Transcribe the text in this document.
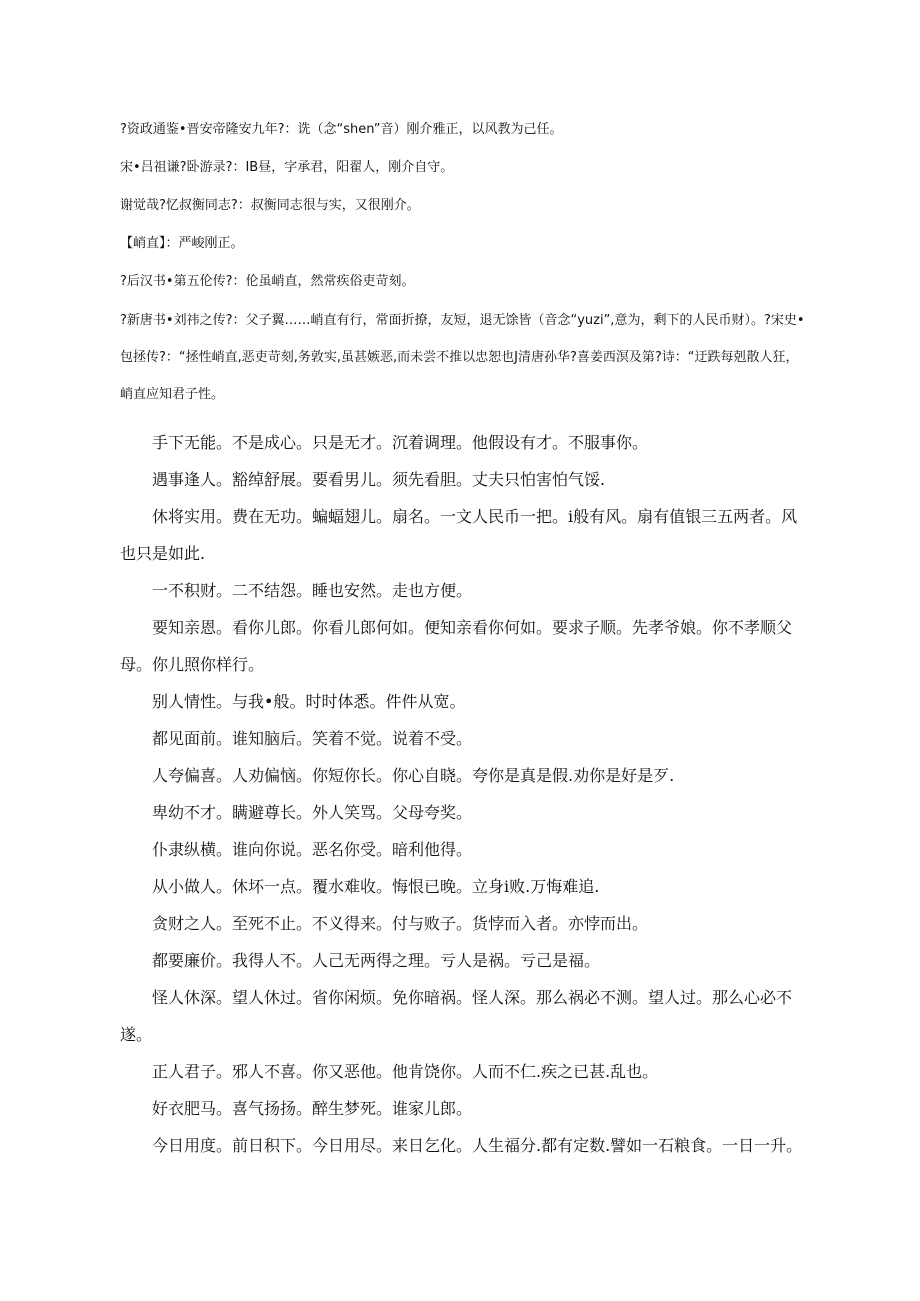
?资政通鉴•晋安帝隆安九年?：诜（念“shen”音）刚介雅正，以风教为己任。

宋•吕祖谦?卧游录?：IB昼，字承君，阳翟人，刚介自守。

谢觉哉?忆叔衡同志?：叔衡同志很与实，又很刚介。

【峭直】：严峻刚正。

?后汉书•第五伦传?：伦虽峭直，然常疾俗吏苛刻。

?新唐书•刘祎之传?：父子翼……峭直有行，常面折撩，友短，退无馀皆（音念“yuzi”,意为，剩下的人民币财）。?宋史•包拯传?：“拯性峭直,恶吏苛刻,务敦实,虽甚嫉恶,而未尝不推以忠恕也J清唐孙华?喜姜西溟及第?诗：“迂跌每剋散人狂，峭直应知君子性。

手下无能。不是成心。只是无才。沉着调理。他假设有才。不服事你。

遇事逢人。豁绰舒展。要看男儿。须先看胆。丈夫只怕害怕气馁.

休将实用。费在无功。蝙蝠翅儿。扇名。一文人民币一把。i般有风。扇有值银三五两者。风也只是如此.

一不积财。二不结怨。睡也安然。走也方便。

要知亲恩。看你儿郎。你看儿郎何如。便知亲看你何如。要求子顺。先孝爷娘。你不孝顺父母。你儿照你样行。

别人情性。与我•般。时时体悉。件件从宽。

都见面前。谁知脑后。笑着不觉。说着不受。

人夸偏喜。人劝偏恼。你短你长。你心自晓。夸你是真是假.劝你是好是歹.

卑幼不才。瞒避尊长。外人笑骂。父母夸奖。

仆隶纵横。谁向你说。恶名你受。暗利他得。

从小做人。休坏一点。覆水难收。悔恨已晚。立身i败.万悔难追.

贪财之人。至死不止。不义得来。付与败子。货悖而入者。亦悖而出。

都要廉价。我得人不。人己无两得之理。亏人是祸。亏己是福。

怪人休深。望人休过。省你闲烦。免你暗祸。怪人深。那么祸必不测。望人过。那么心必不遂。

正人君子。邪人不喜。你又恶他。他肯饶你。人而不仁.疾之已甚.乱也。

好衣肥马。喜气扬扬。醉生梦死。谁家儿郎。

今日用度。前日积下。今日用尽。来日乞化。人生福分.都有定数.譬如一石粮食。一日一升。
